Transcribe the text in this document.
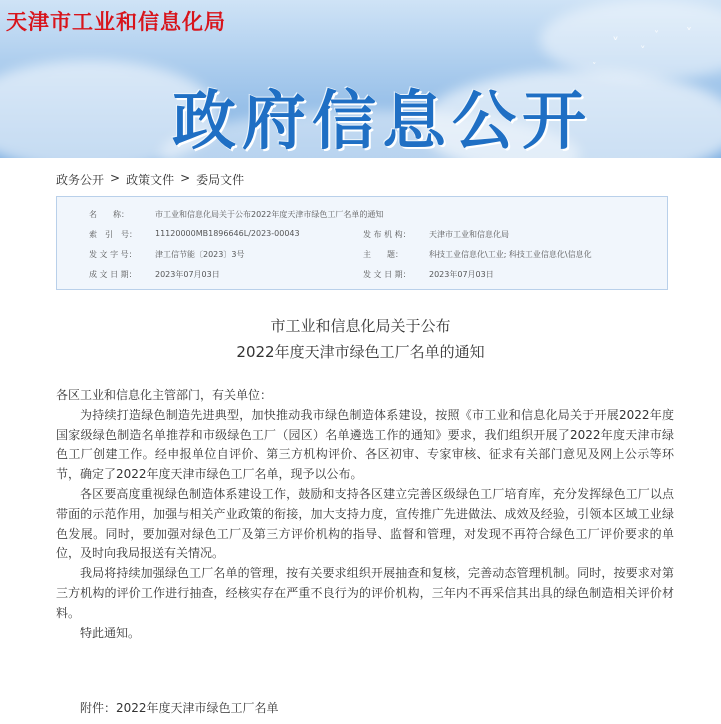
˅ ˅
˅ ˅
˅
天津市工业和信息化局
政府信息公开
政务公开 > 政策文件 > 委局文件
名　　称：	市工业和信息化局关于公布2022年度天津市绿色工厂名单的通知
索　引　号： 11120000MB1896646L/2023-00043	发 布 机 构： 天津市工业和信息化局
发 文 字 号： 津工信节能〔2023〕3号	主　　题：	科技工业信息化\工业; 科技工业信息化\信息化
成 文 日 期： 2023年07月03日	发 文 日 期： 2023年07月03日
市工业和信息化局关于公布
2022年度天津市绿色工厂名单的通知

各区工业和信息化主管部门，有关单位：

为持续打造绿色制造先进典型，加快推动我市绿色制造体系建设，按照《市工业和信息化局关于开展2022年度国家级绿色制造名单推荐和市级绿色工厂（园区）名单遴选工作的通知》要求，我们组织开展了2022年度天津市绿色工厂创建工作。经申报单位自评价、第三方机构评价、各区初审、专家审核、征求有关部门意见及网上公示等环节，确定了2022年度天津市绿色工厂名单，现予以公布。

各区要高度重视绿色制造体系建设工作，鼓励和支持各区建立完善区级绿色工厂培育库，充分发挥绿色工厂以点带面的示范作用，加强与相关产业政策的衔接，加大支持力度，宣传推广先进做法、成效及经验，引领本区域工业绿色发展。同时，要加强对绿色工厂及第三方评价机构的指导、监督和管理，对发现不再符合绿色工厂评价要求的单位，及时向我局报送有关情况。

我局将持续加强绿色工厂名单的管理，按有关要求组织开展抽查和复核，完善动态管理机制。同时，按要求对第三方机构的评价工作进行抽查，经核实存在严重不良行为的评价机构，三年内不再采信其出具的绿色制造相关评价材料。

特此通知。

附件：2022年度天津市绿色工厂名单
